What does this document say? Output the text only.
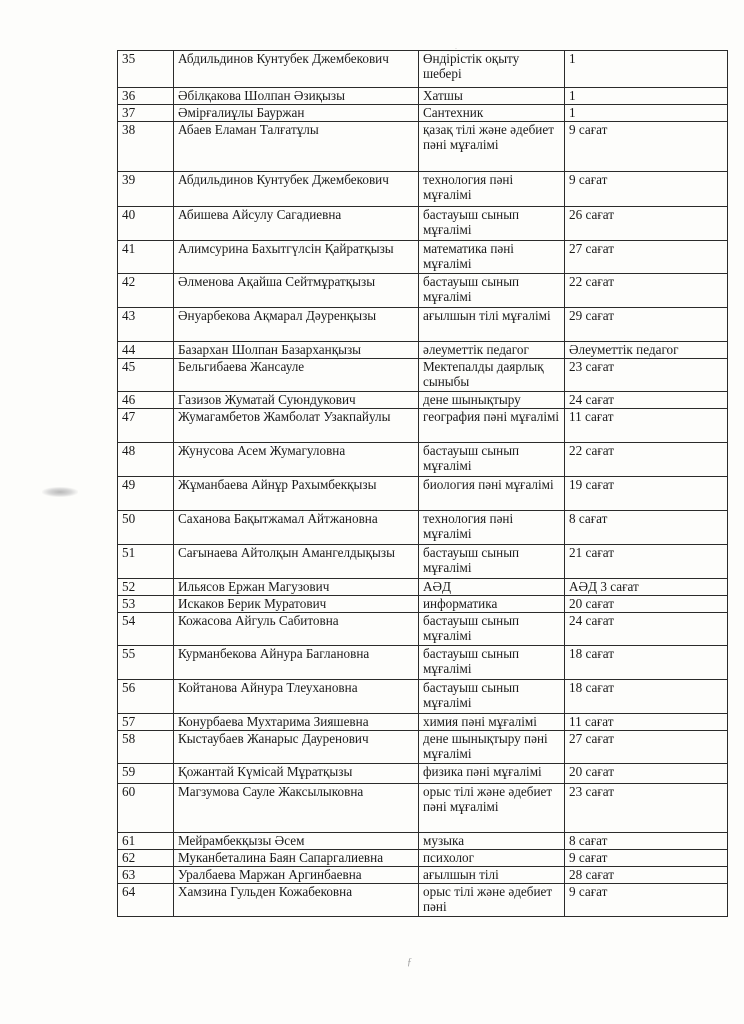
ƒ
35	Абдильдинов Кунтубек Джембекович	Өндірістік оқыту шебері	1
36	Әбілқакова Шолпан Әзиқызы	Хатшы	1
37	Әмірғалиұлы Бауржан	Сантехник	1
38	Абаев Еламан Талғатұлы	қазақ тілі және әдебиет пәні мұғалімі	9 сағат
39	Абдильдинов Кунтубек Джембекович	технология пәні мұғалімі	9 сағат
40	Абишева Айсулу Сагадиевна	бастауыш сынып мұғалімі	26 сағат
41	Алимсурина Бахытгүлсін Қайратқызы	математика пәні мұғалімі	27 сағат
42	Әлменова Ақайша Сейтмұратқызы	бастауыш сынып мұғалімі	22 сағат
43	Әнуарбекова Ақмарал Дәуренқызы	ағылшын тілі мұғалімі	29 сағат
44	Базархан Шолпан Базарханқызы	әлеуметтік педагог	Әлеуметтік педагог
45	Бельгибаева Жансауле	Мектепалды даярлық сыныбы	23 сағат
46	Газизов Жуматай Суюндукович	дене шынықтыру	24 сағат
47	Жумагамбетов Жамболат Узакпайулы	география пәні мұғалімі	11 сағат
48	Жунусова Асем Жумагуловна	бастауыш сынып мұғалімі	22 сағат
49	Жұманбаева Айнұр Рахымбекқызы	биология пәні мұғалімі	19 сағат
50	Саханова Бақытжамал Айтжановна	технология пәні мұғалімі	8 сағат
51	Сағынаева Айтолқын Амангелдықызы	бастауыш сынып мұғалімі	21 сағат
52	Ильясов Ержан Магузович	АӘД	АӘД 3 сағат
53	Искаков Берик Муратович	информатика	20 сағат
54	Кожасова Айгуль Сабитовна	бастауыш сынып мұғалімі	24 сағат
55	Курманбекова Айнура Баглановна	бастауыш сынып мұғалімі	18 сағат
56	Койтанова Айнура Тлеухановна	бастауыш сынып мұғалімі	18 сағат
57	Конурбаева Мухтарима Зияшевна	химия пәні мұғалімі	11 сағат
58	Кыстаубаев Жанарыс Дауренович	дене шынықтыру пәні мұғалімі	27 сағат
59	Қожантай Күмісай Мұратқызы	физика пәні мұғалімі	20 сағат
60	Магзумова Сауле Жаксылыковна	орыс тілі және әдебиет пәні мұғалімі	23 сағат
61	Мейрамбекқызы Әсем	музыка	8 сағат
62	Муканбеталина Баян Сапаргалиевна	психолог	9 сағат
63	Уралбаева Маржан Аргинбаевна	ағылшын тілі	28 сағат
64	Хамзина Гульден Кожабековна	орыс тілі және әдебиет пәні	9 сағат
